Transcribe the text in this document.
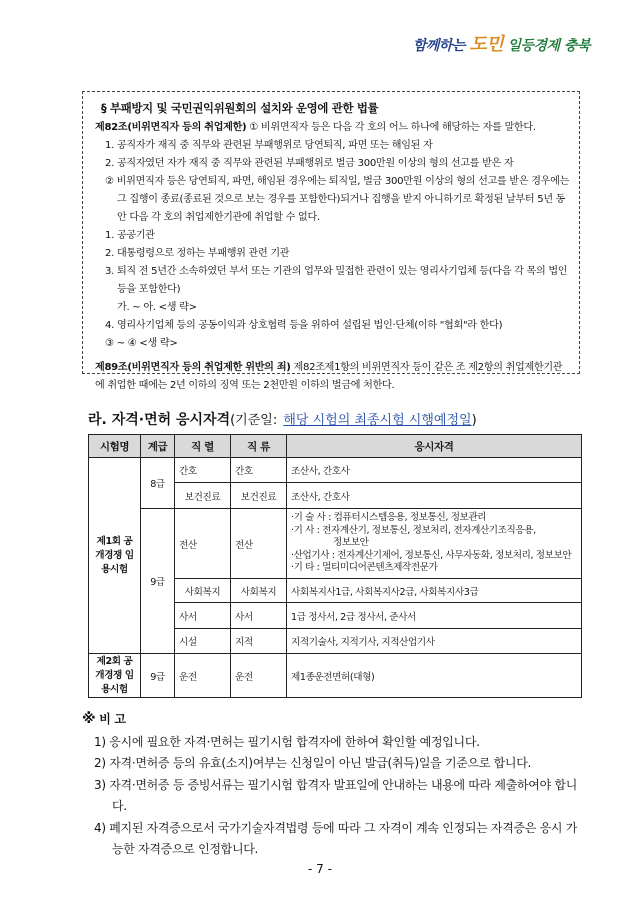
함께하는 도민 일등경제 충북
§ 부패방지 및 국민권익위원회의 설치와 운영에 관한 법률

제82조(비위면직자 등의 취업제한) ① 비위면직자 등은 다음 각 호의 어느 하나에 해당하는 자를 말한다.

1. 공직자가 재직 중 직무와 관련된 부패행위로 당연퇴직, 파면 또는 해임된 자

2. 공직자였던 자가 재직 중 직무와 관련된 부패행위로 벌금 300만원 이상의 형의 선고를 받은 자

② 비위면직자 등은 당연퇴직, 파면, 해임된 경우에는 퇴직일, 벌금 300만원 이상의 형의 선고를 받은 경우에는 그 집행이 종료(종료된 것으로 보는 경우를 포함한다)되거나 집행을 받지 아니하기로 확정된 날부터 5년 동안 다음 각 호의 취업제한기관에 취업할 수 없다.

1. 공공기관

2. 대통령령으로 정하는 부패행위 관련 기관

3. 퇴직 전 5년간 소속하였던 부서 또는 기관의 업무와 밀접한 관련이 있는 영리사기업체 등(다음 각 목의 법인 등을 포함한다)

가. ~ 아. <생 략>

4. 영리사기업체 등의 공동이익과 상호협력 등을 위하여 설립된 법인·단체(이하 "협회"라 한다)

③ ~ ④ <생 략>

제89조(비위면직자 등의 취업제한 위반의 죄) 제82조제1항의 비위면직자 등이 같은 조 제2항의 취업제한기관에 취업한 때에는 2년 이하의 징역 또는 2천만원 이하의 벌금에 처한다.

라. 자격·면허 응시자격(기준일: 해당 시험의 최종시험 시행예정일)
시험명	계급	직 렬	직 류	응시자격
제1회 공개경쟁 임용시험	8급	간호	간호	조산사, 간호사
		보건진료	보건진료	조산사, 간호사
	9급	전산	전산	·기 술 사 : 컴퓨터시스템응용, 정보통신, 정보관리
·기 사 : 전자계산기, 정보통신, 정보처리, 전자계산기조직응용,
정보보안
·산업기사 : 전자계산기제어, 정보통신, 사무자동화, 정보처리, 정보보안
·기 타 : 멀티미디어콘텐츠제작전문가

		사회복지	사회복지	사회복지사1급, 사회복지사2급, 사회복지사3급

		사서	사서	1급 정사서, 2급 정사서, 준사서

		시설	지적	지적기술사, 지적기사, 지적산업기사
제2회 공개경쟁 임용시험	9급	운전	운전	제1종운전면허(대형)
※ 비 고

1) 응시에 필요한 자격·면허는 필기시험 합격자에 한하여 확인할 예정입니다.

2) 자격·면허증 등의 유효(소지)여부는 신청일이 아닌 발급(취득)일을 기준으로 합니다.

3) 자격·면허증 등 증빙서류는 필기시험 합격자 발표일에 안내하는 내용에 따라 제출하여야 합니다.

4) 폐지된 자격증으로서 국가기술자격법령 등에 따라 그 자격이 계속 인정되는 자격증은 응시 가능한 자격증으로 인정합니다.

- 7 -
